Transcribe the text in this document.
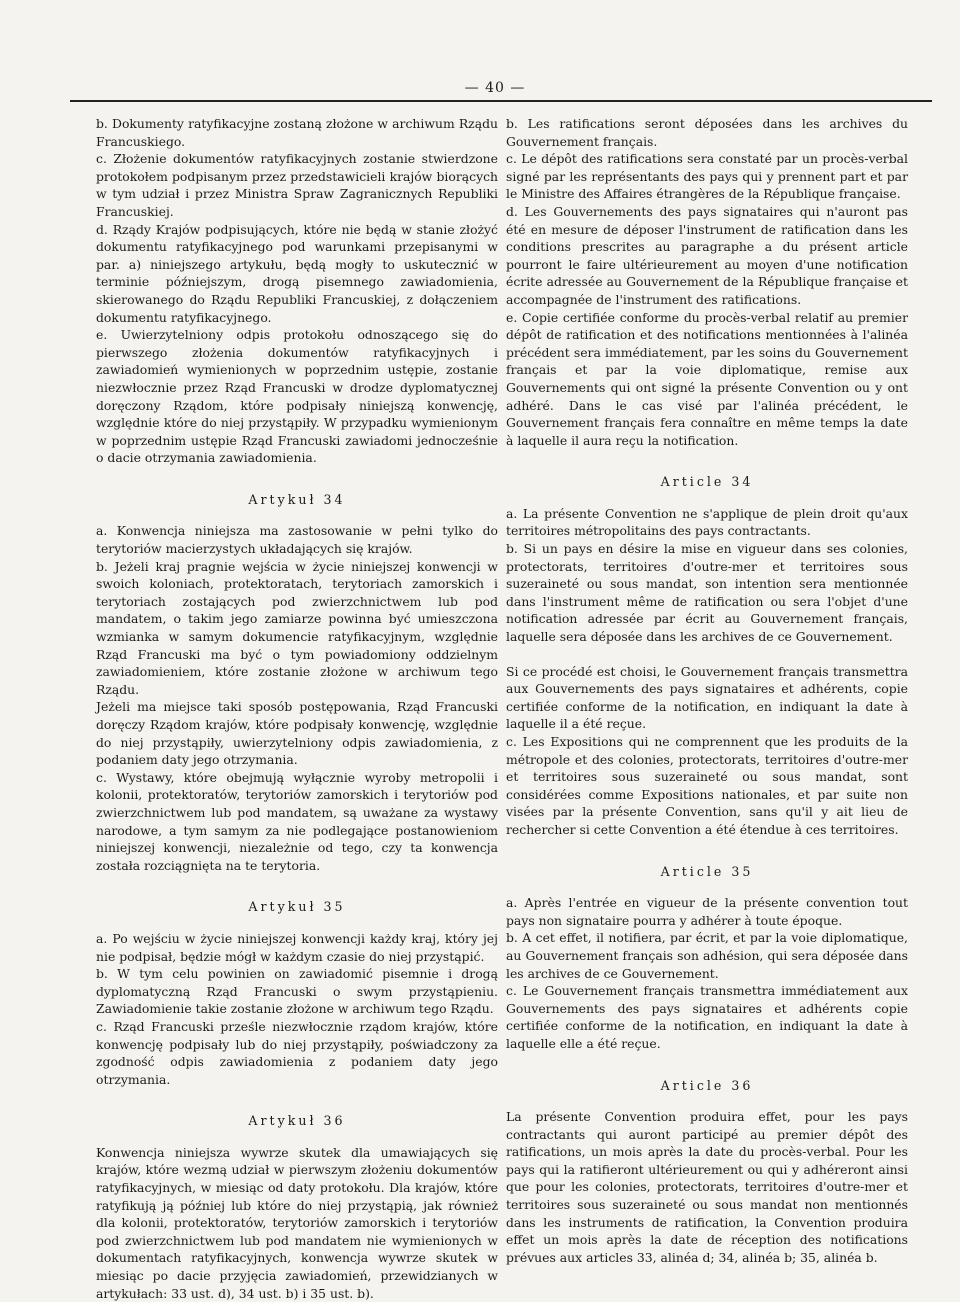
— 40 —

b. Dokumenty ratyfikacyjne zostaną złożone w archiwum Rządu Francuskiego.

c. Złożenie dokumentów ratyfikacyjnych zostanie stwierdzone protokołem podpisanym przez przedstawicieli krajów biorących w tym udział i przez Ministra Spraw Zagranicznych Republiki Francuskiej.

d. Rządy Krajów podpisujących, które nie będą w stanie złożyć dokumentu ratyfikacyjnego pod warunkami przepisanymi w par. a) niniejszego artykułu, będą mogły to uskutecznić w terminie późniejszym, drogą pisemnego zawiadomienia, skierowanego do Rządu Republiki Francuskiej, z dołączeniem dokumentu ratyfikacyjnego.

e. Uwierzytelniony odpis protokołu odnoszącego się do pierwszego złożenia dokumentów ratyfikacyjnych i zawiadomień wymienionych w poprzednim ustępie, zostanie niezwłocznie przez Rząd Francuski w drodze dyplomatycznej doręczony Rządom, które podpisały niniejszą konwencję, względnie które do niej przystąpiły. W przypadku wymienionym w poprzednim ustępie Rząd Francuski zawiadomi jednocześnie o dacie otrzymania zawiadomienia.

Artykuł 34

a. Konwencja niniejsza ma zastosowanie w pełni tylko do terytoriów macierzystych układających się krajów.

b. Jeżeli kraj pragnie wejścia w życie niniejszej konwencji w swoich koloniach, protektoratach, terytoriach zamorskich i terytoriach zostających pod zwierzchnictwem lub pod mandatem, o takim jego zamiarze powinna być umieszczona wzmianka w samym dokumencie ratyfikacyjnym, względnie Rząd Francuski ma być o tym powiadomiony oddzielnym zawiadomieniem, które zostanie złożone w archiwum tego Rządu.

Jeżeli ma miejsce taki sposób postępowania, Rząd Francuski doręczy Rządom krajów, które podpisały konwencję, względnie do niej przystąpiły, uwierzytelniony odpis zawiadomienia, z podaniem daty jego otrzymania.

c. Wystawy, które obejmują wyłącznie wyroby metropolii i kolonii, protektoratów, terytoriów zamorskich i terytoriów pod zwierzchnictwem lub pod mandatem, są uważane za wystawy narodowe, a tym samym za nie podlegające postanowieniom niniejszej konwencji, niezależnie od tego, czy ta konwencja została rozciągnięta na te terytoria.

Artykuł 35

a. Po wejściu w życie niniejszej konwencji każdy kraj, który jej nie podpisał, będzie mógł w każdym czasie do niej przystąpić.

b. W tym celu powinien on zawiadomić pisemnie i drogą dyplomatyczną Rząd Francuski o swym przystąpieniu. Zawiadomienie takie zostanie złożone w archiwum tego Rządu.

c. Rząd Francuski prześle niezwłocznie rządom krajów, które konwencję podpisały lub do niej przystąpiły, poświadczony za zgodność odpis zawiadomienia z podaniem daty jego otrzymania.

Artykuł 36

Konwencja niniejsza wywrze skutek dla umawiających się krajów, które wezmą udział w pierwszym złożeniu dokumentów ratyfikacyjnych, w miesiąc od daty protokołu. Dla krajów, które ratyfikują ją później lub które do niej przystąpią, jak również dla kolonii, protektoratów, terytoriów zamorskich i terytoriów pod zwierzchnictwem lub pod mandatem nie wymienionych w dokumentach ratyfikacyjnych, konwencja wywrze skutek w miesiąc po dacie przyjęcia zawiadomień, przewidzianych w artykułach: 33 ust. d), 34 ust. b) i 35 ust. b).

b. Les ratifications seront déposées dans les archives du Gouvernement français.

c. Le dépôt des ratifications sera constaté par un procès-verbal signé par les représentants des pays qui y prennent part et par le Ministre des Affaires étrangères de la République française.

d. Les Gouvernements des pays signataires qui n'auront pas été en mesure de déposer l'instrument de ratification dans les conditions prescrites au paragraphe a du présent article pourront le faire ultérieurement au moyen d'une notification écrite adressée au Gouvernement de la République française et accompagnée de l'instrument des ratifications.

e. Copie certifiée conforme du procès-verbal relatif au premier dépôt de ratification et des notifications mentionnées à l'alinéa précédent sera immédiatement, par les soins du Gouvernement français et par la voie diplomatique, remise aux Gouvernements qui ont signé la présente Convention ou y ont adhéré. Dans le cas visé par l'alinéa précédent, le Gouvernement français fera connaître en même temps la date à laquelle il aura reçu la notification.

Article 34

a. La présente Convention ne s'applique de plein droit qu'aux territoires métropolitains des pays contractants.

b. Si un pays en désire la mise en vigueur dans ses colonies, protectorats, territoires d'outre-mer et territoires sous suzeraineté ou sous mandat, son intention sera mentionnée dans l'instrument même de ratification ou sera l'objet d'une notification adressée par écrit au Gouvernement français, laquelle sera déposée dans les archives de ce Gouvernement.

Si ce procédé est choisi, le Gouvernement français transmettra aux Gouvernements des pays signataires et adhérents, copie certifiée conforme de la notification, en indiquant la date à laquelle il a été reçue.

c. Les Expositions qui ne comprennent que les produits de la métropole et des colonies, protectorats, territoires d'outre-mer et territoires sous suzeraineté ou sous mandat, sont considérées comme Expositions nationales, et par suite non visées par la présente Convention, sans qu'il y ait lieu de rechercher si cette Convention a été étendue à ces territoires.

Article 35

a. Après l'entrée en vigueur de la présente convention tout pays non signataire pourra y adhérer à toute époque.

b. A cet effet, il notifiera, par écrit, et par la voie diplomatique, au Gouvernement français son adhésion, qui sera déposée dans les archives de ce Gouvernement.

c. Le Gouvernement français transmettra immédiatement aux Gouvernements des pays signataires et adhérents copie certifiée conforme de la notification, en indiquant la date à laquelle elle a été reçue.

Article 36

La présente Convention produira effet, pour les pays contractants qui auront participé au premier dépôt des ratifications, un mois après la date du procès-verbal. Pour les pays qui la ratifieront ultérieurement ou qui y adhéreront ainsi que pour les colonies, protectorats, territoires d'outre-mer et territoires sous suzeraineté ou sous mandat non mentionnés dans les instruments de ratification, la Convention produira effet un mois après la date de réception des notifications prévues aux articles 33, alinéa d; 34, alinéa b; 35, alinéa b.
